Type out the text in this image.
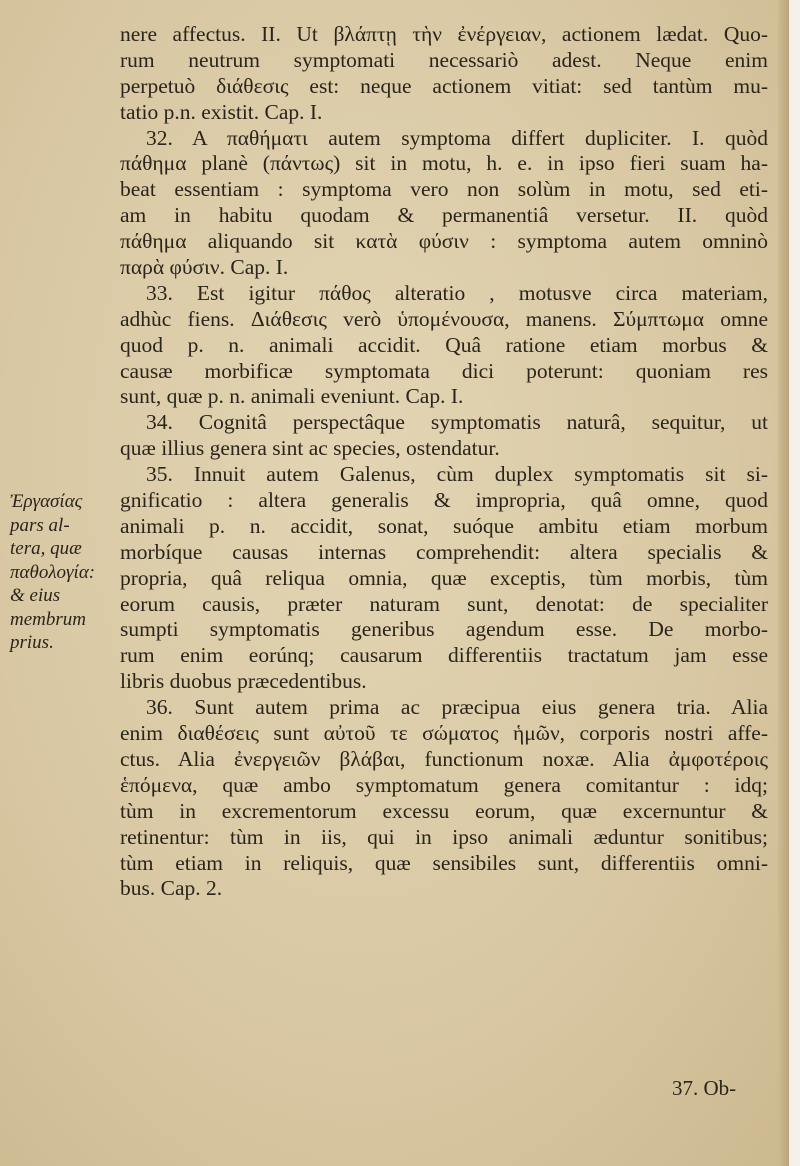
nere affectus. II. Ut βλάπτῃ τὴν ἐνέργειαν, actionem lædat. Quo-
rum neutrum symptomati necessariò adest. Neque enim
perpetuò διάθεσις est: neque actionem vitiat: sed tantùm mu-
tatio p.n. existit. Cap. I.
32. A παθήματι autem symptoma differt dupliciter. I. quòd
πάθημα planè (πάντως) sit in motu, h. e. in ipso fieri suam ha-
beat essentiam : symptoma vero non solùm in motu, sed eti-
am in habitu quodam & permanentiâ versetur. II. quòd
πάθημα aliquando sit κατὰ φύσιν : symptoma autem omninò
παρὰ φύσιν. Cap. I.
33. Est igitur πάθος alteratio , motusve circa materiam,
adhùc fiens. Διάθεσις verò ὑπομένουσα, manens. Σύμπτωμα omne
quod p. n. animali accidit. Quâ ratione etiam morbus &
causæ morbificæ symptomata dici poterunt: quoniam res
sunt, quæ p. n. animali eveniunt. Cap. I.
34. Cognitâ perspectâque symptomatis naturâ, sequitur, ut
quæ illius genera sint ac species, ostendatur.
35. Innuit autem Galenus, cùm duplex symptomatis sit si-
gnificatio : altera generalis & impropria, quâ omne, quod
animali p. n. accidit, sonat, suóque ambitu etiam morbum
morbíque causas internas comprehendit: altera specialis &
propria, quâ reliqua omnia, quæ exceptis, tùm morbis, tùm
eorum causis, præter naturam sunt, denotat: de specialiter
sumpti symptomatis generibus agendum esse. De morbo-
rum enim eorúnq; causarum differentiis tractatum jam esse
libris duobus præcedentibus.
36. Sunt autem prima ac præcipua eius genera tria. Alia
enim διαθέσεις sunt αὐτοῦ τε σώματος ἡμῶν, corporis nostri affe-
ctus. Alia ἐνεργειῶν βλάβαι, functionum noxæ. Alia ἀμφοτέροις
ἑπόμενα, quæ ambo symptomatum genera comitantur : idq;
tùm in excrementorum excessu eorum, quæ excernuntur &
retinentur: tùm in iis, qui in ipso animali æduntur sonitibus;
tùm etiam in reliquis, quæ sensibiles sunt, differentiis omni-
bus. Cap. 2.
Ἐργασίας
pars al-
tera, quæ
παθολογία:
& eius
membrum
prius.
37. Ob-
